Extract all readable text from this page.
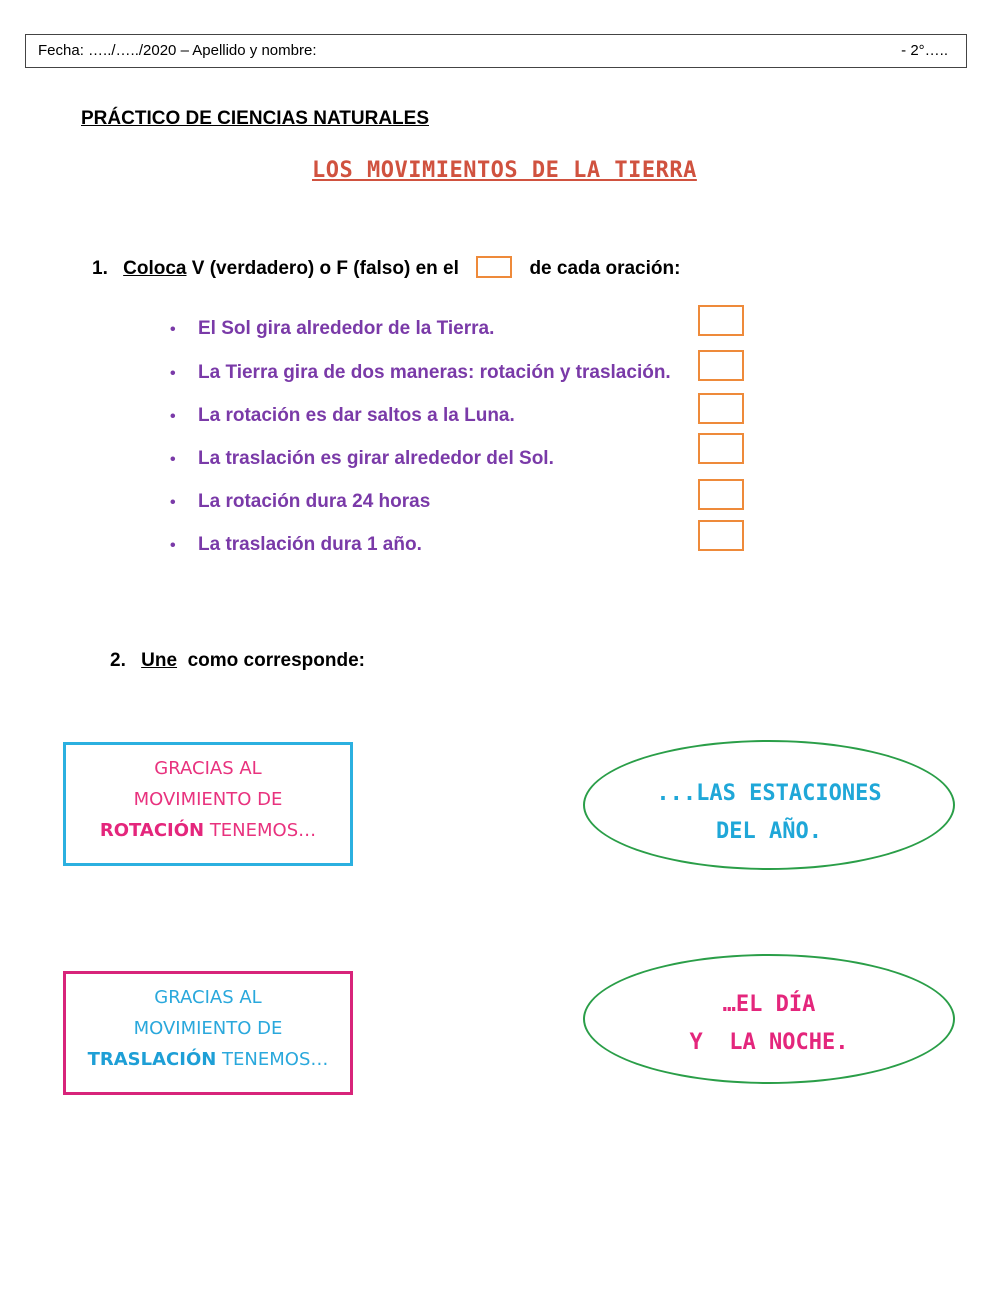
Fecha: …../…../2020 – Apellido y nombre:	- 2°…..
PRÁCTICO DE CIENCIAS NATURALES
LOS MOVIMIENTOS DE LA TIERRA
1. Coloca V (verdadero) o F (falso) en el	de cada oración:
• El Sol gira alrededor de la Tierra.
• La Tierra gira de dos maneras: rotación y traslación.
• La rotación es dar saltos a la Luna.
• La traslación es girar alrededor del Sol.
• La rotación dura 24 horas
• La traslación dura 1 año.
2. Une  como corresponde:
GRACIAS AL
MOVIMIENTO DE
ROTACIÓN TENEMOS…
GRACIAS AL
MOVIMIENTO DE
TRASLACIÓN TENEMOS…
...LAS ESTACIONES
DEL AÑO.
…EL DÍA
Y  LA NOCHE.
